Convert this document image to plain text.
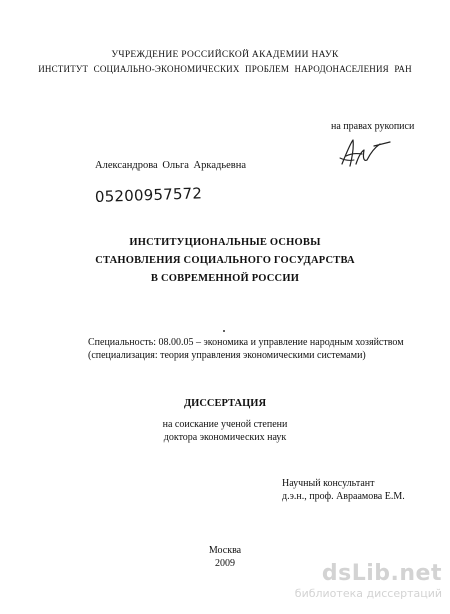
УЧРЕЖДЕНИЕ РОССИЙСКОЙ АКАДЕМИИ НАУК
ИНСТИТУТ СОЦИАЛЬНО-ЭКОНОМИЧЕСКИХ ПРОБЛЕМ НАРОДОНАСЕЛЕНИЯ РАН
на правах рукописи
Александрова Ольга Аркадьевна
05200957572
ИНСТИТУЦИОНАЛЬНЫЕ ОСНОВЫ
СТАНОВЛЕНИЯ СОЦИАЛЬНОГО ГОСУДАРСТВА
В СОВРЕМЕННОЙ РОССИИ
Специальность: 08.00.05 – экономика и управление народным хозяйством
(специализация: теория управления экономическими системами)
ДИССЕРТАЦИЯ
на соискание ученой степени
доктора экономических наук
Научный консультант
д.э.н., проф. Авраамова Е.М.
Москва
2009	dsLib.net
библиотека диссертаций
